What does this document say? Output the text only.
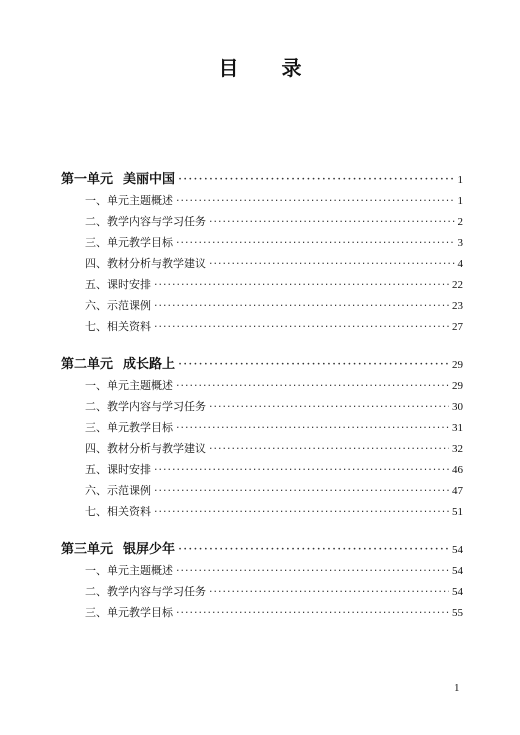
目 录
第一单元 美丽中国 ·····	1
一、单元主题概述 ·····	1
二、教学内容与学习任务 ·····	2
三、单元教学目标 ·····	3
四、教材分析与教学建议 ·····	4
五、课时安排 ·····	22
六、示范课例 ·····	23
七、相关资料 ·····	27
第二单元 成长路上 ·····	29
一、单元主题概述 ·····	29
二、教学内容与学习任务 ·····	30
三、单元教学目标 ·····	31
四、教材分析与教学建议 ·····	32
五、课时安排 ·····	46
六、示范课例 ·····	47
七、相关资料 ·····	51
第三单元 银屏少年 ·····	54
一、单元主题概述 ·····	54
二、教学内容与学习任务 ·····	54
三、单元教学目标 ·····	55
1
